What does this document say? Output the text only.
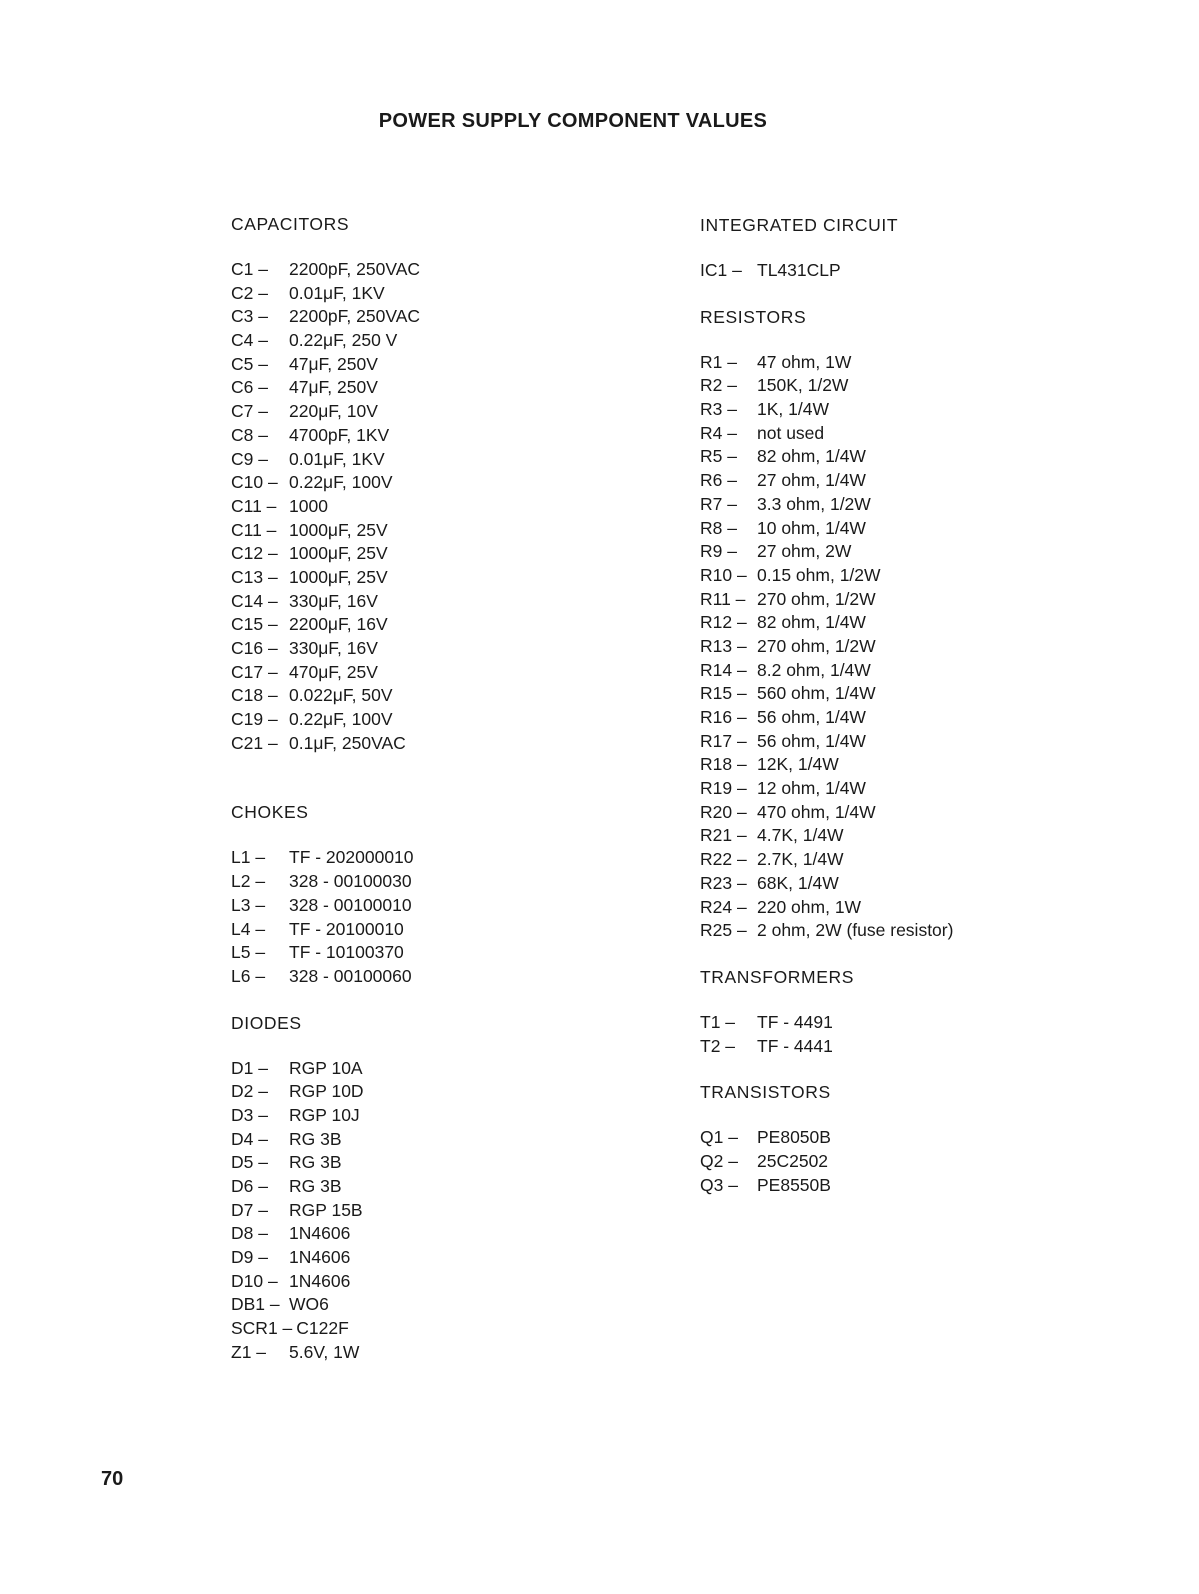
POWER SUPPLY COMPONENT VALUES
CAPACITORS
C1 –	2200pF, 250VAC
C2 –	0.01μF, 1KV
C3 –	2200pF, 250VAC
C4 –	0.22μF, 250 V
C5 –	47μF, 250V
C6 –	47μF, 250V
C7 –	220μF, 10V
C8 –	4700pF, 1KV
C9 –	0.01μF, 1KV
C10 – 0.22μF, 100V
C11 – 1000
C11 – 1000μF, 25V
C12 – 1000μF, 25V
C13 – 1000μF, 25V
C14 – 330μF, 16V
C15 – 2200μF, 16V
C16 – 330μF, 16V
C17 – 470μF, 25V
C18 – 0.022μF, 50V
C19 – 0.22μF, 100V
C21 – 0.1μF, 250VAC
CHOKES
L1 –	TF - 202000010
L2 –	328 - 00100030
L3 –	328 - 00100010
L4 –	TF - 20100010
L5 –	TF - 10100370
L6 –	328 - 00100060
DIODES
D1 –	RGP 10A
D2 –	RGP 10D
D3 –	RGP 10J
D4 –	RG 3B
D5 –	RG 3B
D6 –	RG 3B
D7 –	RGP 15B
D8 –	1N4606
D9 –	1N4606
D10 – 1N4606
DB1 – WO6
SCR1 – C122F
Z1 –	5.6V, 1W
INTEGRATED CIRCUIT
IC1 – TL431CLP
RESISTORS
R1 –	47 ohm, 1W
R2 –	150K, 1/2W
R3 –	1K, 1/4W
R4 –	not used
R5 –	82 ohm, 1/4W
R6 –	27 ohm, 1/4W
R7 –	3.3 ohm, 1/2W
R8 –	10 ohm, 1/4W
R9 –	27 ohm, 2W
R10 – 0.15 ohm, 1/2W
R11 – 270 ohm, 1/2W
R12 – 82 ohm, 1/4W
R13 – 270 ohm, 1/2W
R14 – 8.2 ohm, 1/4W
R15 – 560 ohm, 1/4W
R16 – 56 ohm, 1/4W
R17 – 56 ohm, 1/4W
R18 – 12K, 1/4W
R19 – 12 ohm, 1/4W
R20 – 470 ohm, 1/4W
R21 – 4.7K, 1/4W
R22 – 2.7K, 1/4W
R23 – 68K, 1/4W
R24 – 220 ohm, 1W
R25 – 2 ohm, 2W (fuse resistor)
TRANSFORMERS
T1 –	TF - 4491
T2 –	TF - 4441
TRANSISTORS
Q1 –	PE8050B
Q2 –	25C2502
Q3 –	PE8550B
70
